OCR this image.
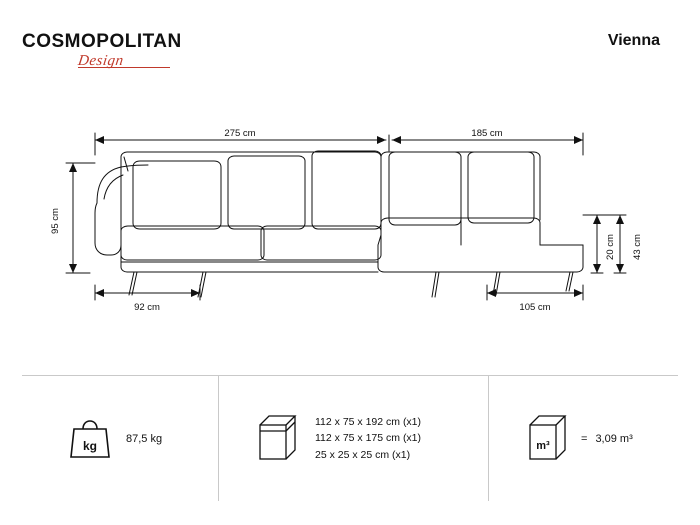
COSMOPOLITAN
Design
Vienna
275 cm	185 cm
95 cm
92 cm	105 cm
43 cm
20 cm
kg	87,5 kg
112 x 75 x 192 cm (x1)
112 x 75 x 175 cm (x1)
25 x 25 x 25 cm (x1)
m³
= 3,09 m³
